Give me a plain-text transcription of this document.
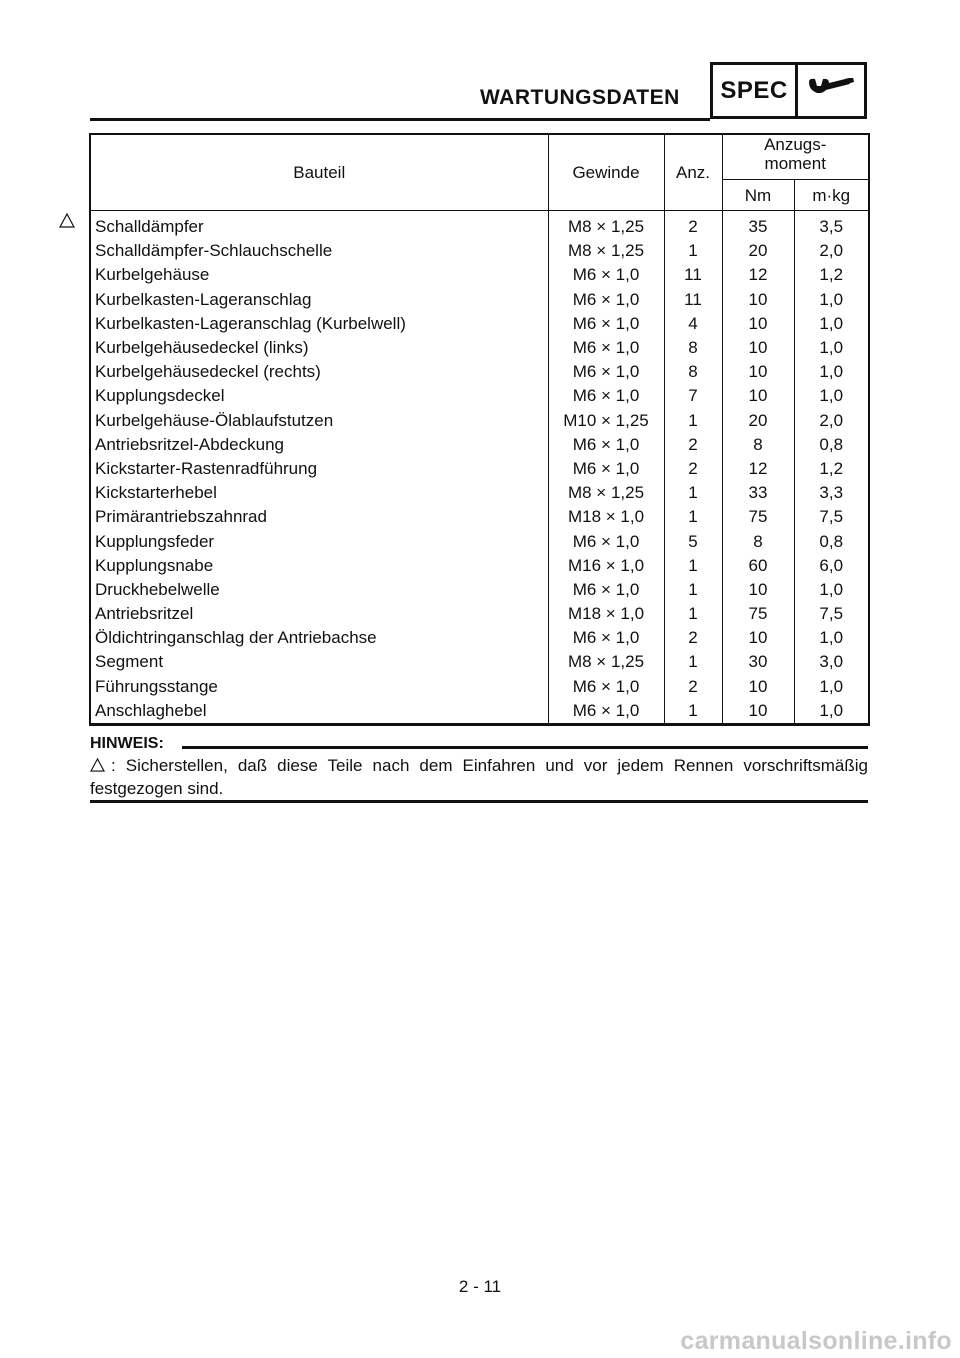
WARTUNGSDATEN	SPEC
Bauteil	Gewinde	Anz.	Anzugs-
moment	
			Nm	m·kg
Schalldämpfer	M8 × 1,25	2	35	3,5
Schalldämpfer-Schlauchschelle	M8 × 1,25	1	20	2,0
Kurbelgehäuse	M6 × 1,0	11	12	1,2
Kurbelkasten-Lageranschlag	M6 × 1,0	11	10	1,0
Kurbelkasten-Lageranschlag (Kurbelwell)	M6 × 1,0	4	10	1,0
Kurbelgehäusedeckel (links)	M6 × 1,0	8	10	1,0
Kurbelgehäusedeckel (rechts)	M6 × 1,0	8	10	1,0
Kupplungsdeckel	M6 × 1,0	7	10	1,0
Kurbelgehäuse-Ölablaufstutzen	M10 × 1,25	1	20	2,0
Antriebsritzel-Abdeckung	M6 × 1,0	2	8	0,8
Kickstarter-Rastenradführung	M6 × 1,0	2	12	1,2
Kickstarterhebel	M8 × 1,25	1	33	3,3
Primärantriebszahnrad	M18 × 1,0	1	75	7,5
Kupplungsfeder	M6 × 1,0	5	8	0,8
Kupplungsnabe	M16 × 1,0	1	60	6,0
Druckhebelwelle	M6 × 1,0	1	10	1,0
Antriebsritzel	M18 × 1,0	1	75	7,5
Öldichtringanschlag der Antriebachse	M6 × 1,0	2	10	1,0
Segment	M8 × 1,25	1	30	3,0
Führungsstange	M6 × 1,0	2	10	1,0
Anschlaghebel	M6 × 1,0	1	10	1,0
HINWEIS:
: Sicherstellen, daß diese Teile nach dem Einfahren und vor jedem Rennen vorschriftsmäßig festgezogen sind.
2 - 11
carmanualsonline.info
